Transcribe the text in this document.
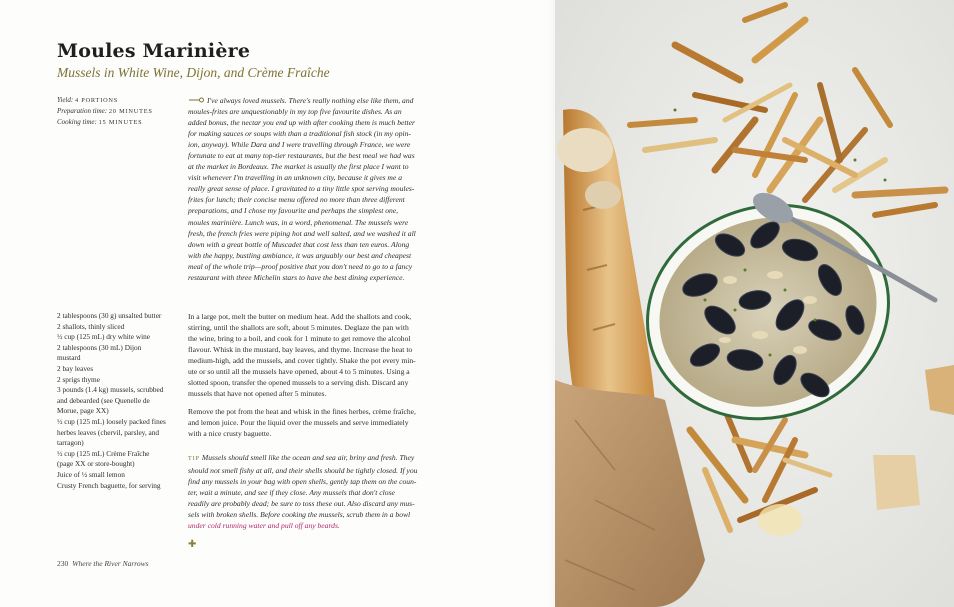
Moules Marinière

Mussels in White Wine, Dijon, and Crème Fraîche

Yield: 4 PORTIONS
Preparation time: 20 MINUTES
Cooking time: 15 MINUTES
I've always loved mussels. There's really nothing else like them, and
moules-frites are unquestionably in my top five favourite dishes. As an
added bonus, the nectar you end up with after cooking them is much better
for making sauces or soups with than a traditional fish stock (in my opin-
ion, anyway). While Dara and I were travelling through France, we were
fortunate to eat at many top-tier restaurants, but the best meal we had was
at the market in Bordeaux. The market is usually the first place I want to
visit whenever I'm travelling in an unknown city, because it gives me a
really great sense of place. I gravitated to a tiny little spot serving moules-
frites for lunch; their concise menu offered no more than three different
preparations, and I chose my favourite and perhaps the simplest one,
moules marinière. Lunch was, in a word, phenomenal. The mussels were
fresh, the french fries were piping hot and well salted, and we washed it all
down with a great bottle of Muscadet that cost less than ten euros. Along
with the happy, bustling ambiance, it was arguably our best and cheapest
meal of the whole trip—proof positive that you don't need to go to a fancy
restaurant with three Michelin stars to have the best dining experience.
2 tablespoons (30 g) unsalted butter
2 shallots, thinly sliced
½ cup (125 mL) dry white wine
2 tablespoons (30 mL) Dijon
mustard
2 bay leaves
2 sprigs thyme
3 pounds (1.4 kg) mussels, scrubbed
and debearded (see Quenelle de
Morue, page XX)
½ cup (125 mL) loosely packed fines
herbes leaves (chervil, parsley, and
tarragon)
½ cup (125 mL) Crème Fraîche
(page XX or store-bought)
Juice of ½ small lemon
Crusty French baguette, for serving
In a large pot, melt the butter on medium heat. Add the shallots and cook,
stirring, until the shallots are soft, about 5 minutes. Deglaze the pan with
the wine, bring to a boil, and cook for 1 minute to get remove the alcohol
flavour. Whisk in the mustard, bay leaves, and thyme. Increase the heat to
medium-high, add the mussels, and cover tightly. Shake the pot every min-
ute or so until all the mussels have opened, about 4 to 5 minutes. Using a
slotted spoon, transfer the opened mussels to a serving dish. Discard any
mussels that have not opened after 5 minutes.
Remove the pot from the heat and whisk in the fines herbes, crème fraîche,
and lemon juice. Pour the liquid over the mussels and serve immediately
with a nice crusty baguette.
TIP Mussels should smell like the ocean and sea air, briny and fresh. They
should not smell fishy at all, and their shells should be tightly closed. If you
find any mussels in your bag with open shells, gently tap them on the coun-
ter, wait a minute, and see if they close. Any mussels that don't close
readily are probably dead; be sure to toss these out. Also discard any mus-
sels with broken shells. Before cooking the mussels, scrub them in a bowl
under cold running water and pull off any beards.
✚
230 Where the River Narrows
